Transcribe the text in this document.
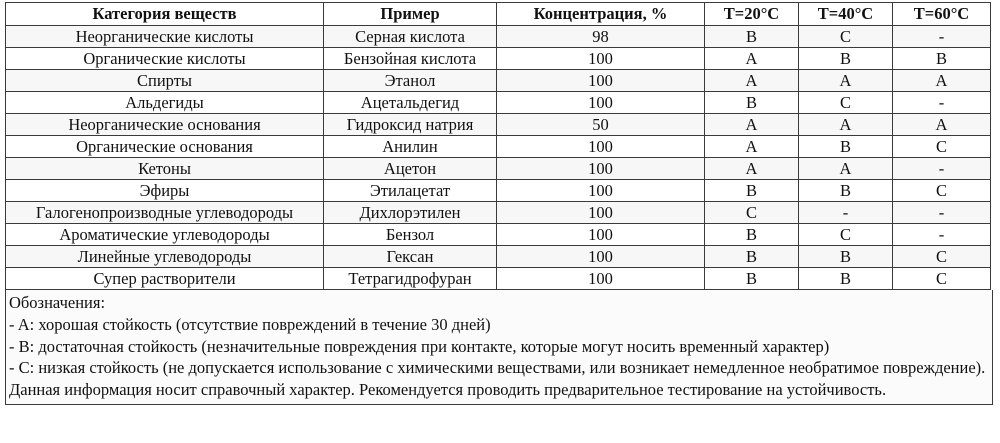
Категория веществ	Пример	Концентрация, %	T=20°C	T=40°C	T=60°C
Неорганические кислоты	Серная кислота	98	B	C	-
Органические кислоты	Бензойная кислота	100	A	B	B
Спирты	Этанол	100	A	A	A
Альдегиды	Ацетальдегид	100	B	C	-
Неорганические основания	Гидроксид натрия	50	A	A	A
Органические основания	Анилин	100	A	B	C
Кетоны	Ацетон	100	A	A	-
Эфиры	Этилацетат	100	B	B	C
Галогенопроизводные углеводороды	Дихлорэтилен	100	C	-	-
Ароматические углеводороды	Бензол	100	B	C	-
Линейные углеводороды	Гексан	100	B	B	C
Супер растворители	Тетрагидрофуран	100	B	B	C
Обозначения:
- A: хорошая стойкость (отсутствие повреждений в течение 30 дней)
- B: достаточная стойкость (незначительные повреждения при контакте, которые могут носить временный характер)
- C: низкая стойкость (не допускается использование с химическими веществами, или возникает немедленное необратимое повреждение).
Данная информация носит справочный характер. Рекомендуется проводить предварительное тестирование на устойчивость.
